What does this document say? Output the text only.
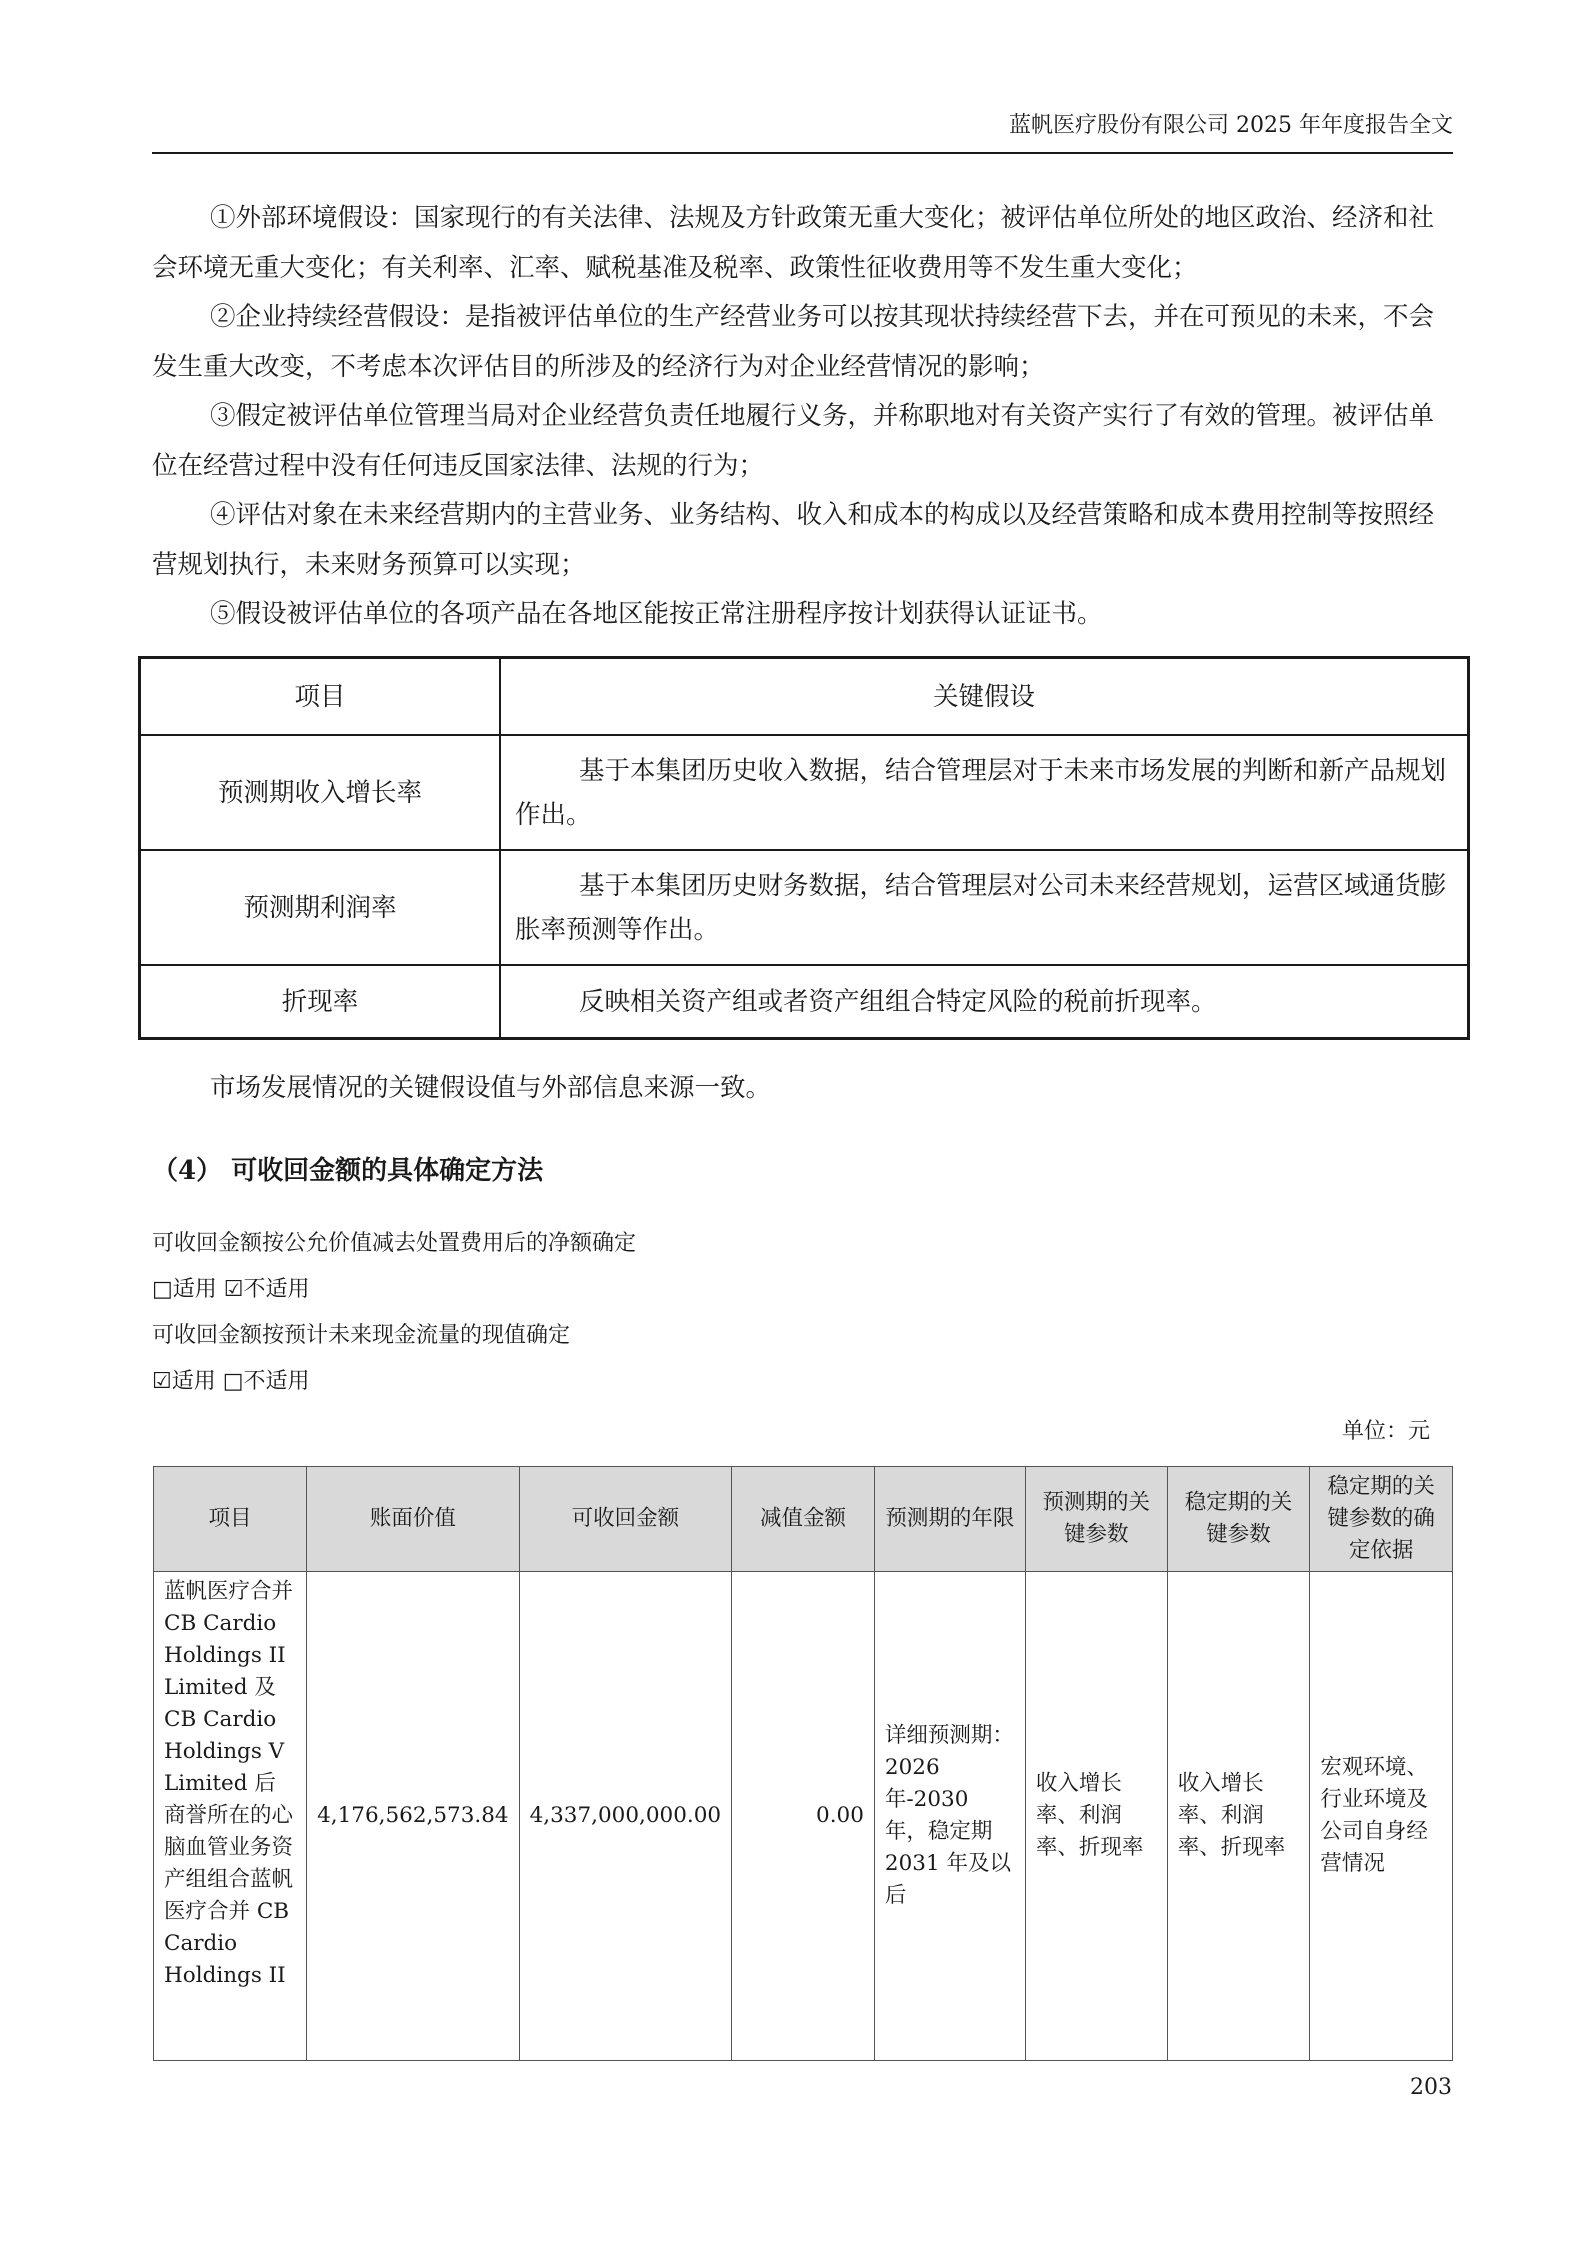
蓝帆医疗股份有限公司 2025 年年度报告全文

①外部环境假设：国家现行的有关法律、法规及方针政策无重大变化；被评估单位所处的地区政治、经济和社会环境无重大变化；有关利率、汇率、赋税基准及税率、政策性征收费用等不发生重大变化；

②企业持续经营假设：是指被评估单位的生产经营业务可以按其现状持续经营下去，并在可预见的未来，不会发生重大改变，不考虑本次评估目的所涉及的经济行为对企业经营情况的影响；

③假定被评估单位管理当局对企业经营负责任地履行义务，并称职地对有关资产实行了有效的管理。被评估单位在经营过程中没有任何违反国家法律、法规的行为；

④评估对象在未来经营期内的主营业务、业务结构、收入和成本的构成以及经营策略和成本费用控制等按照经营规划执行，未来财务预算可以实现；

⑤假设被评估单位的各项产品在各地区能按正常注册程序按计划获得认证证书。

项目	关键假设
预测期收入增长率	基于本集团历史收入数据，结合管理层对于未来市场发展的判断和新产品规划作出。
预测期利润率	基于本集团历史财务数据，结合管理层对公司未来经营规划，运营区域通货膨胀率预测等作出。
折现率	反映相关资产组或者资产组组合特定风险的税前折现率。

市场发展情况的关键假设值与外部信息来源一致。

（4） 可收回金额的具体确定方法
可收回金额按公允价值减去处置费用后的净额确定
□适用 ☑不适用
可收回金额按预计未来现金流量的现值确定
☑适用 □不适用
单位：元
项目	账面价值	可收回金额	减值金额	预测期的年限	预测期的关键参数	稳定期的关键参数	稳定期的关键参数的确定依据
蓝帆医疗合并 CB Cardio Holdings II Limited 及 CB Cardio Holdings V Limited 后商誉所在的心脑血管业务资产组组合蓝帆医疗合并 CB Cardio Holdings II	4,176,562,573.84	4,337,000,000.00	0.00	详细预测期：2026 年-2030 年，稳定期 2031 年及以后	收入增长率、利润率、折现率	收入增长率、利润率、折现率	宏观环境、行业环境及公司自身经营情况
203
